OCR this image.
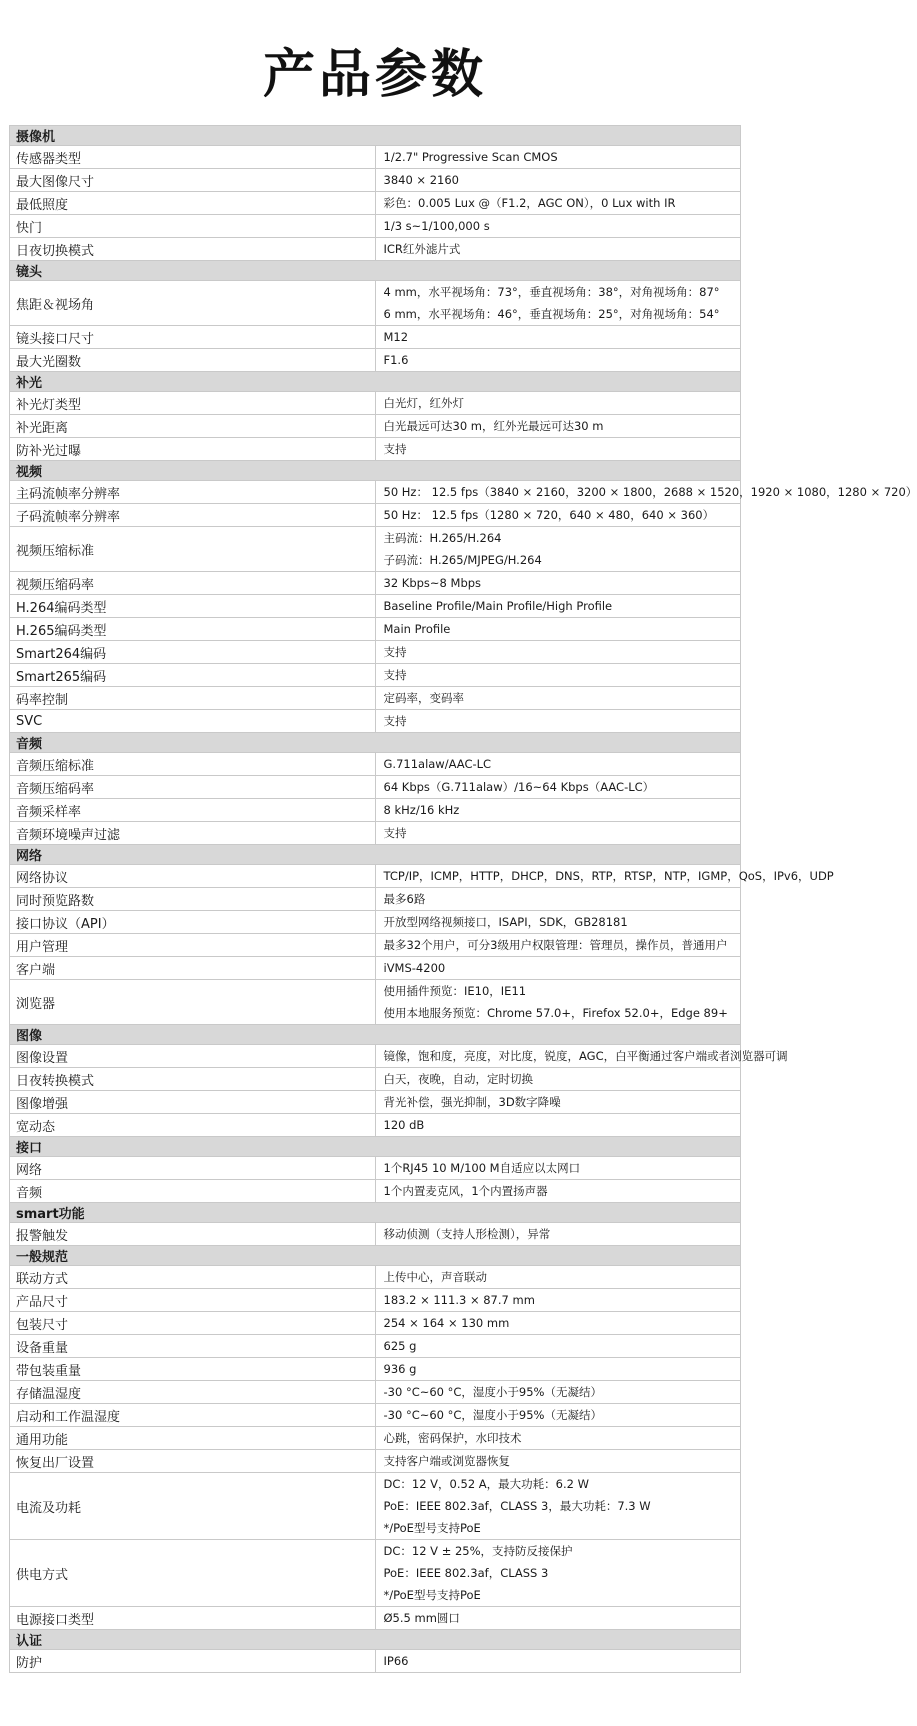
产品参数
摄像机	
传感器类型	1/2.7" Progressive Scan CMOS

最大图像尺寸	3840 × 2160

最低照度	彩色：0.005 Lux @（F1.2，AGC ON），0 Lux with IR

快门	1/3 s~1/100,000 s

日夜切换模式	ICR红外滤片式

镜头	
焦距＆视场角	4 mm，水平视场角：73°，垂直视场角：38°，对角视场角：87°
6 mm，水平视场角：46°，垂直视场角：25°，对角视场角：54°

镜头接口尺寸	M12

最大光圈数	F1.6

补光	
补光灯类型	白光灯，红外灯

补光距离	白光最远可达30 m，红外光最远可达30 m

防补光过曝	支持

视频	
主码流帧率分辨率	50 Hz： 12.5 fps（3840 × 2160，3200 × 1800，2688 × 1520，1920 × 1080，1280 × 720）

子码流帧率分辨率	50 Hz： 12.5 fps（1280 × 720，640 × 480，640 × 360）

视频压缩标准	主码流：H.265/H.264
子码流：H.265/MJPEG/H.264

视频压缩码率	32 Kbps~8 Mbps

H.264编码类型	Baseline Profile/Main Profile/High Profile

H.265编码类型	Main Profile

Smart264编码	支持

Smart265编码	支持

码率控制	定码率，变码率

SVC	支持

音频	
音频压缩标准	G.711alaw/AAC-LC

音频压缩码率	64 Kbps（G.711alaw）/16~64 Kbps（AAC-LC）

音频采样率	8 kHz/16 kHz

音频环境噪声过滤	支持

网络	
网络协议	TCP/IP，ICMP，HTTP，DHCP，DNS，RTP，RTSP，NTP，IGMP，QoS，IPv6，UDP

同时预览路数	最多6路

接口协议（API）	开放型网络视频接口，ISAPI，SDK，GB28181

用户管理	最多32个用户，可分3级用户权限管理：管理员，操作员，普通用户

客户端	iVMS-4200

浏览器	使用插件预览：IE10，IE11
使用本地服务预览：Chrome 57.0+，Firefox 52.0+，Edge 89+

图像	
图像设置	镜像，饱和度，亮度，对比度，锐度，AGC，白平衡通过客户端或者浏览器可调

日夜转换模式	白天，夜晚，自动，定时切换

图像增强	背光补偿，强光抑制，3D数字降噪

宽动态	120 dB

接口	
网络	1个RJ45 10 M/100 M自适应以太网口

音频	1个内置麦克风，1个内置扬声器

smart功能	
报警触发	移动侦测（支持人形检测），异常

一般规范	
联动方式	上传中心，声音联动

产品尺寸	183.2 × 111.3 × 87.7 mm

包装尺寸	254 × 164 × 130 mm

设备重量	625 g

带包装重量	936 g

存储温湿度	-30 °C~60 °C，湿度小于95%（无凝结）

启动和工作温湿度	-30 °C~60 °C，湿度小于95%（无凝结）

通用功能	心跳，密码保护，水印技术

恢复出厂设置	支持客户端或浏览器恢复

电流及功耗	DC：12 V，0.52 A，最大功耗：6.2 W
PoE：IEEE 802.3af，CLASS 3，最大功耗：7.3 W
*/PoE型号支持PoE

供电方式	DC：12 V ± 25%，支持防反接保护
PoE：IEEE 802.3af，CLASS 3
*/PoE型号支持PoE

电源接口类型	Ø5.5 mm圆口

认证	
防护	IP66
